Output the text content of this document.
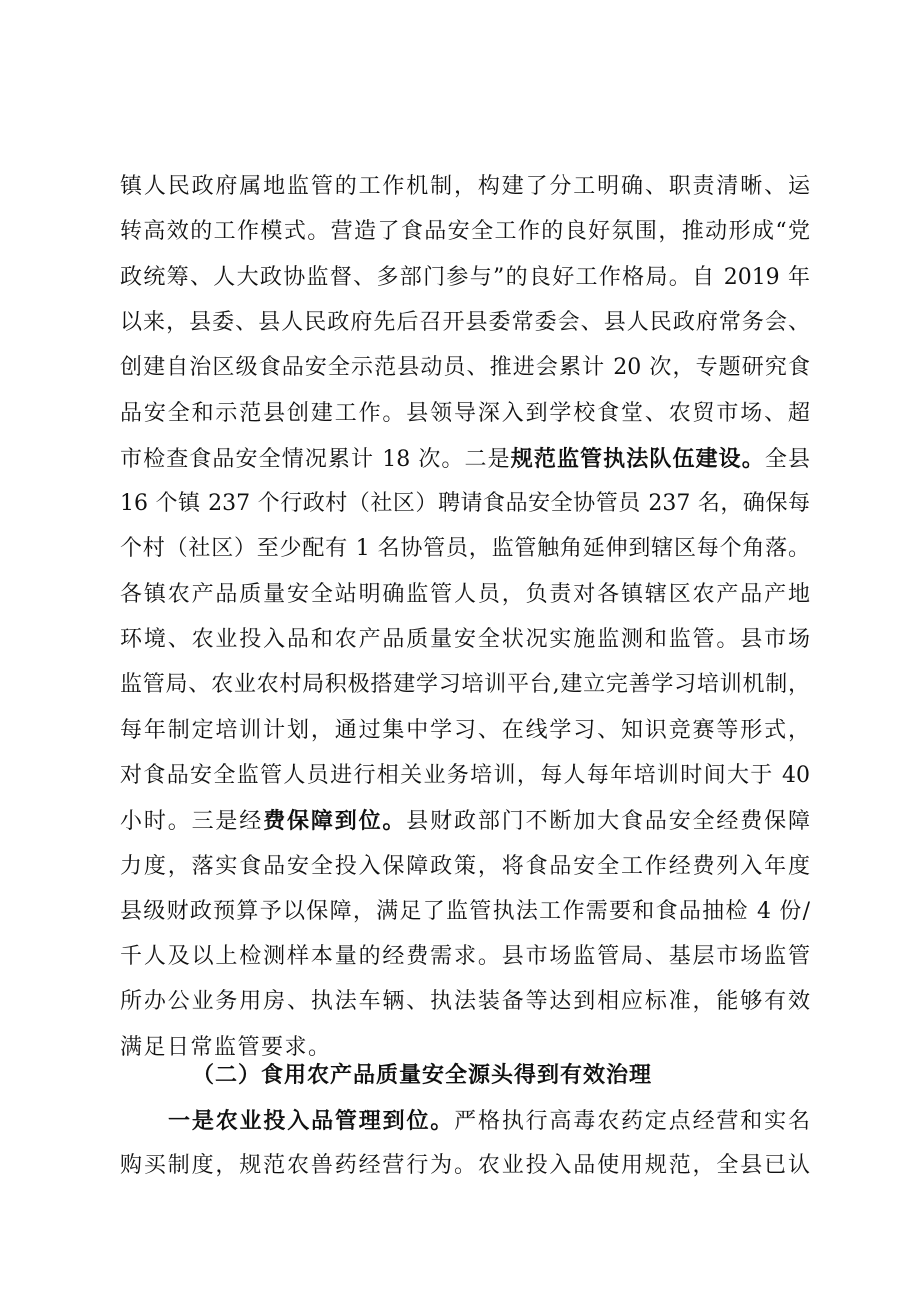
镇人民政府属地监管的工作机制，构建了分工明确、职责清晰、运
转高效的工作模式。营造了食品安全工作的良好氛围，推动形成“党
政统筹、人大政协监督、多部门参与”的良好工作格局。自 2019 年
以来，县委、县人民政府先后召开县委常委会、县人民政府常务会、
创建自治区级食品安全示范县动员、推进会累计 20 次，专题研究食
品安全和示范县创建工作。县领导深入到学校食堂、农贸市场、超
市检查食品安全情况累计 18 次。二是规范监管执法队伍建设。全县
16 个镇 237 个行政村（社区）聘请食品安全协管员 237 名，确保每
个村（社区）至少配有 1 名协管员，监管触角延伸到辖区每个角落。
各镇农产品质量安全站明确监管人员，负责对各镇辖区农产品产地
环境、农业投入品和农产品质量安全状况实施监测和监管。县市场
监管局、农业农村局积极搭建学习培训平台,建立完善学习培训机制，
每年制定培训计划，通过集中学习、在线学习、知识竞赛等形式，
对食品安全监管人员进行相关业务培训，每人每年培训时间大于 40
小时。三是经费保障到位。县财政部门不断加大食品安全经费保障
力度，落实食品安全投入保障政策，将食品安全工作经费列入年度
县级财政预算予以保障，满足了监管执法工作需要和食品抽检 4 份/
千人及以上检测样本量的经费需求。县市场监管局、基层市场监管
所办公业务用房、执法车辆、执法装备等达到相应标准，能够有效
满足日常监管要求。
（二）食用农产品质量安全源头得到有效治理
一是农业投入品管理到位。严格执行高毒农药定点经营和实名
购买制度，规范农兽药经营行为。农业投入品使用规范，全县已认
